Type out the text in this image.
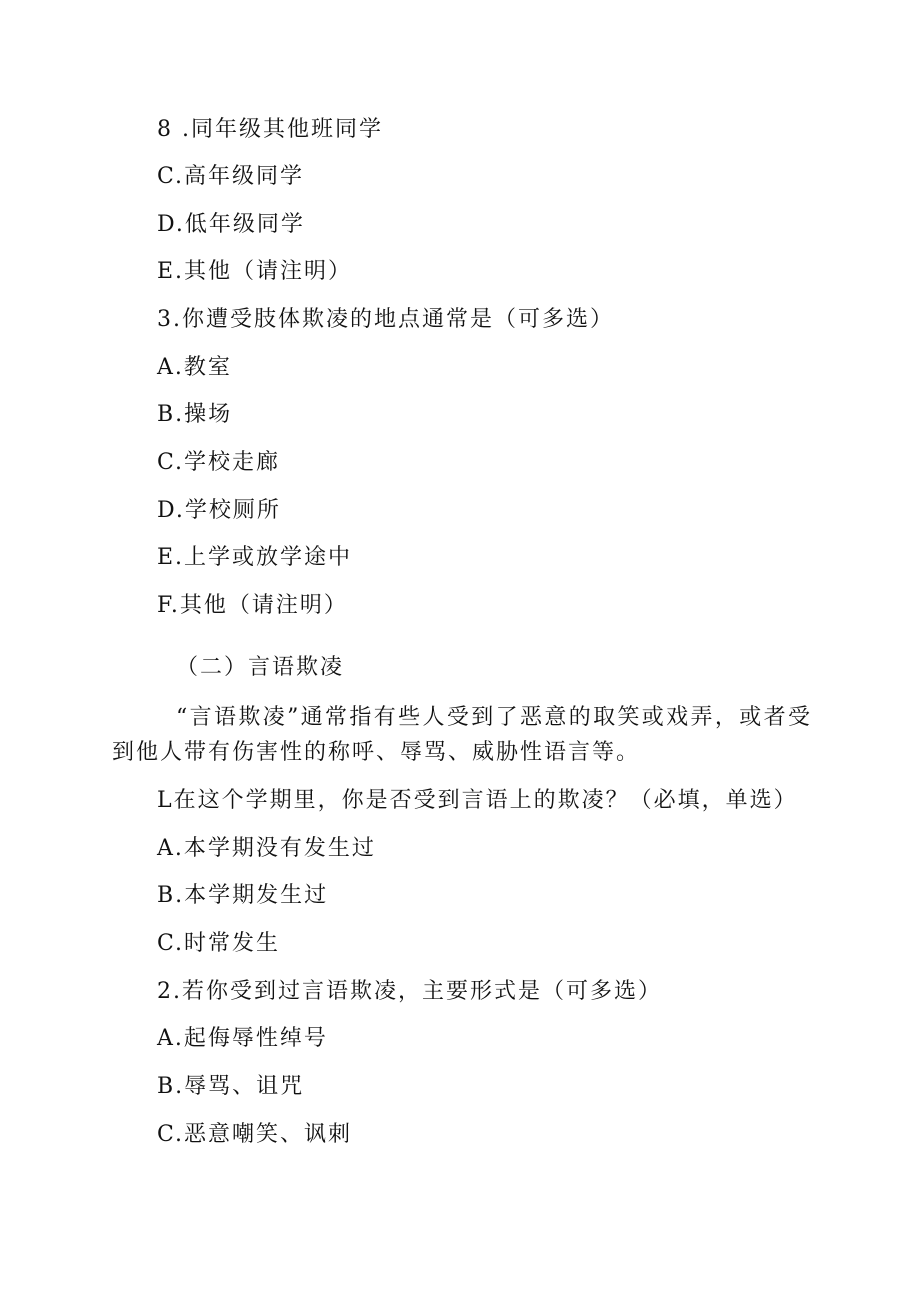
8 .同年级其他班同学
C.高年级同学
D.低年级同学
E.其他（请注明）
3.你遭受肢体欺凌的地点通常是（可多选）
A.教室
B.操场
C.学校走廊
D.学校厕所
E.上学或放学途中
F.其他（请注明）
（二）言语欺凌
“言语欺凌”通常指有些人受到了恶意的取笑或戏弄，或者受到他人带有伤害性的称呼、辱骂、威胁性语言等。
L在这个学期里，你是否受到言语上的欺凌？（必填，单选）
A.本学期没有发生过
B.本学期发生过
C.时常发生
2.若你受到过言语欺凌，主要形式是（可多选）
A.起侮辱性绰号
B.辱骂、诅咒
C.恶意嘲笑、讽刺
